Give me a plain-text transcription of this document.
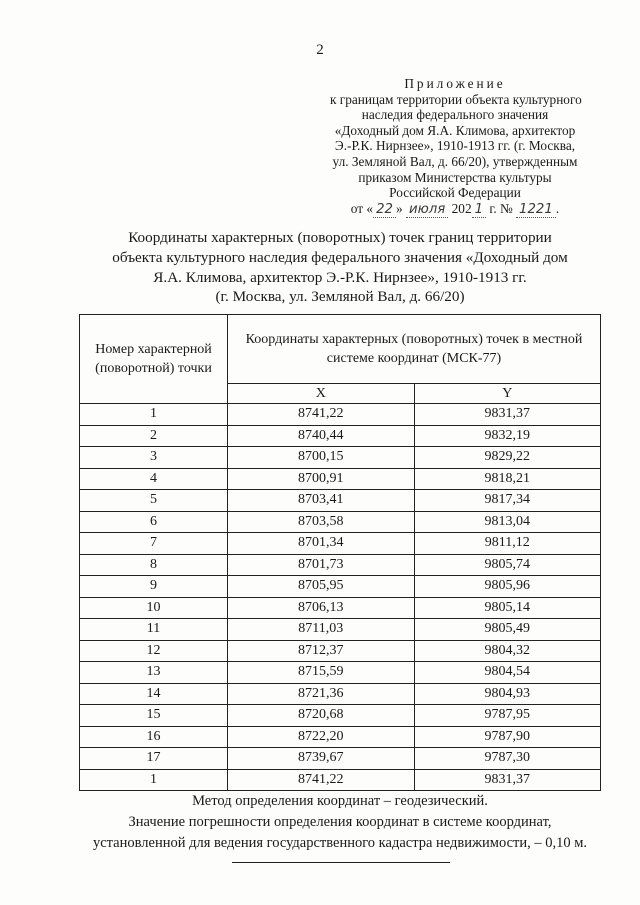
2
Приложение
к границам территории объекта культурного
наследия федерального значения
«Доходный дом Я.А. Климова, архитектор
Э.-Р.К. Нирнзее», 1910-1913 гг. (г. Москва,
ул. Земляной Вал, д. 66/20), утвержденным
приказом Министерства культуры
Российской Федерации
от « 22 » июля 202 1 г. № 1221 .
Координаты характерных (поворотных) точек границ территории
объекта культурного наследия федерального значения «Доходный дом
Я.А. Климова, архитектор Э.-Р.К. Нирнзее», 1910-1913 гг.
(г. Москва, ул. Земляной Вал, д. 66/20)
Номер характерной (поворотной) точки	Координаты характерных (поворотных) точек в местной системе координат (МСК-77)	
	X	Y
1	8741,22	9831,37
2	8740,44	9832,19
3	8700,15	9829,22
4	8700,91	9818,21
5	8703,41	9817,34
6	8703,58	9813,04
7	8701,34	9811,12
8	8701,73	9805,74
9	8705,95	9805,96
10	8706,13	9805,14
11	8711,03	9805,49
12	8712,37	9804,32
13	8715,59	9804,54
14	8721,36	9804,93
15	8720,68	9787,95
16	8722,20	9787,90
17	8739,67	9787,30
1	8741,22	9831,37
Метод определения координат – геодезический.
Значение погрешности определения координат в системе координат,
установленной для ведения государственного кадастра недвижимости, – 0,10 м.
